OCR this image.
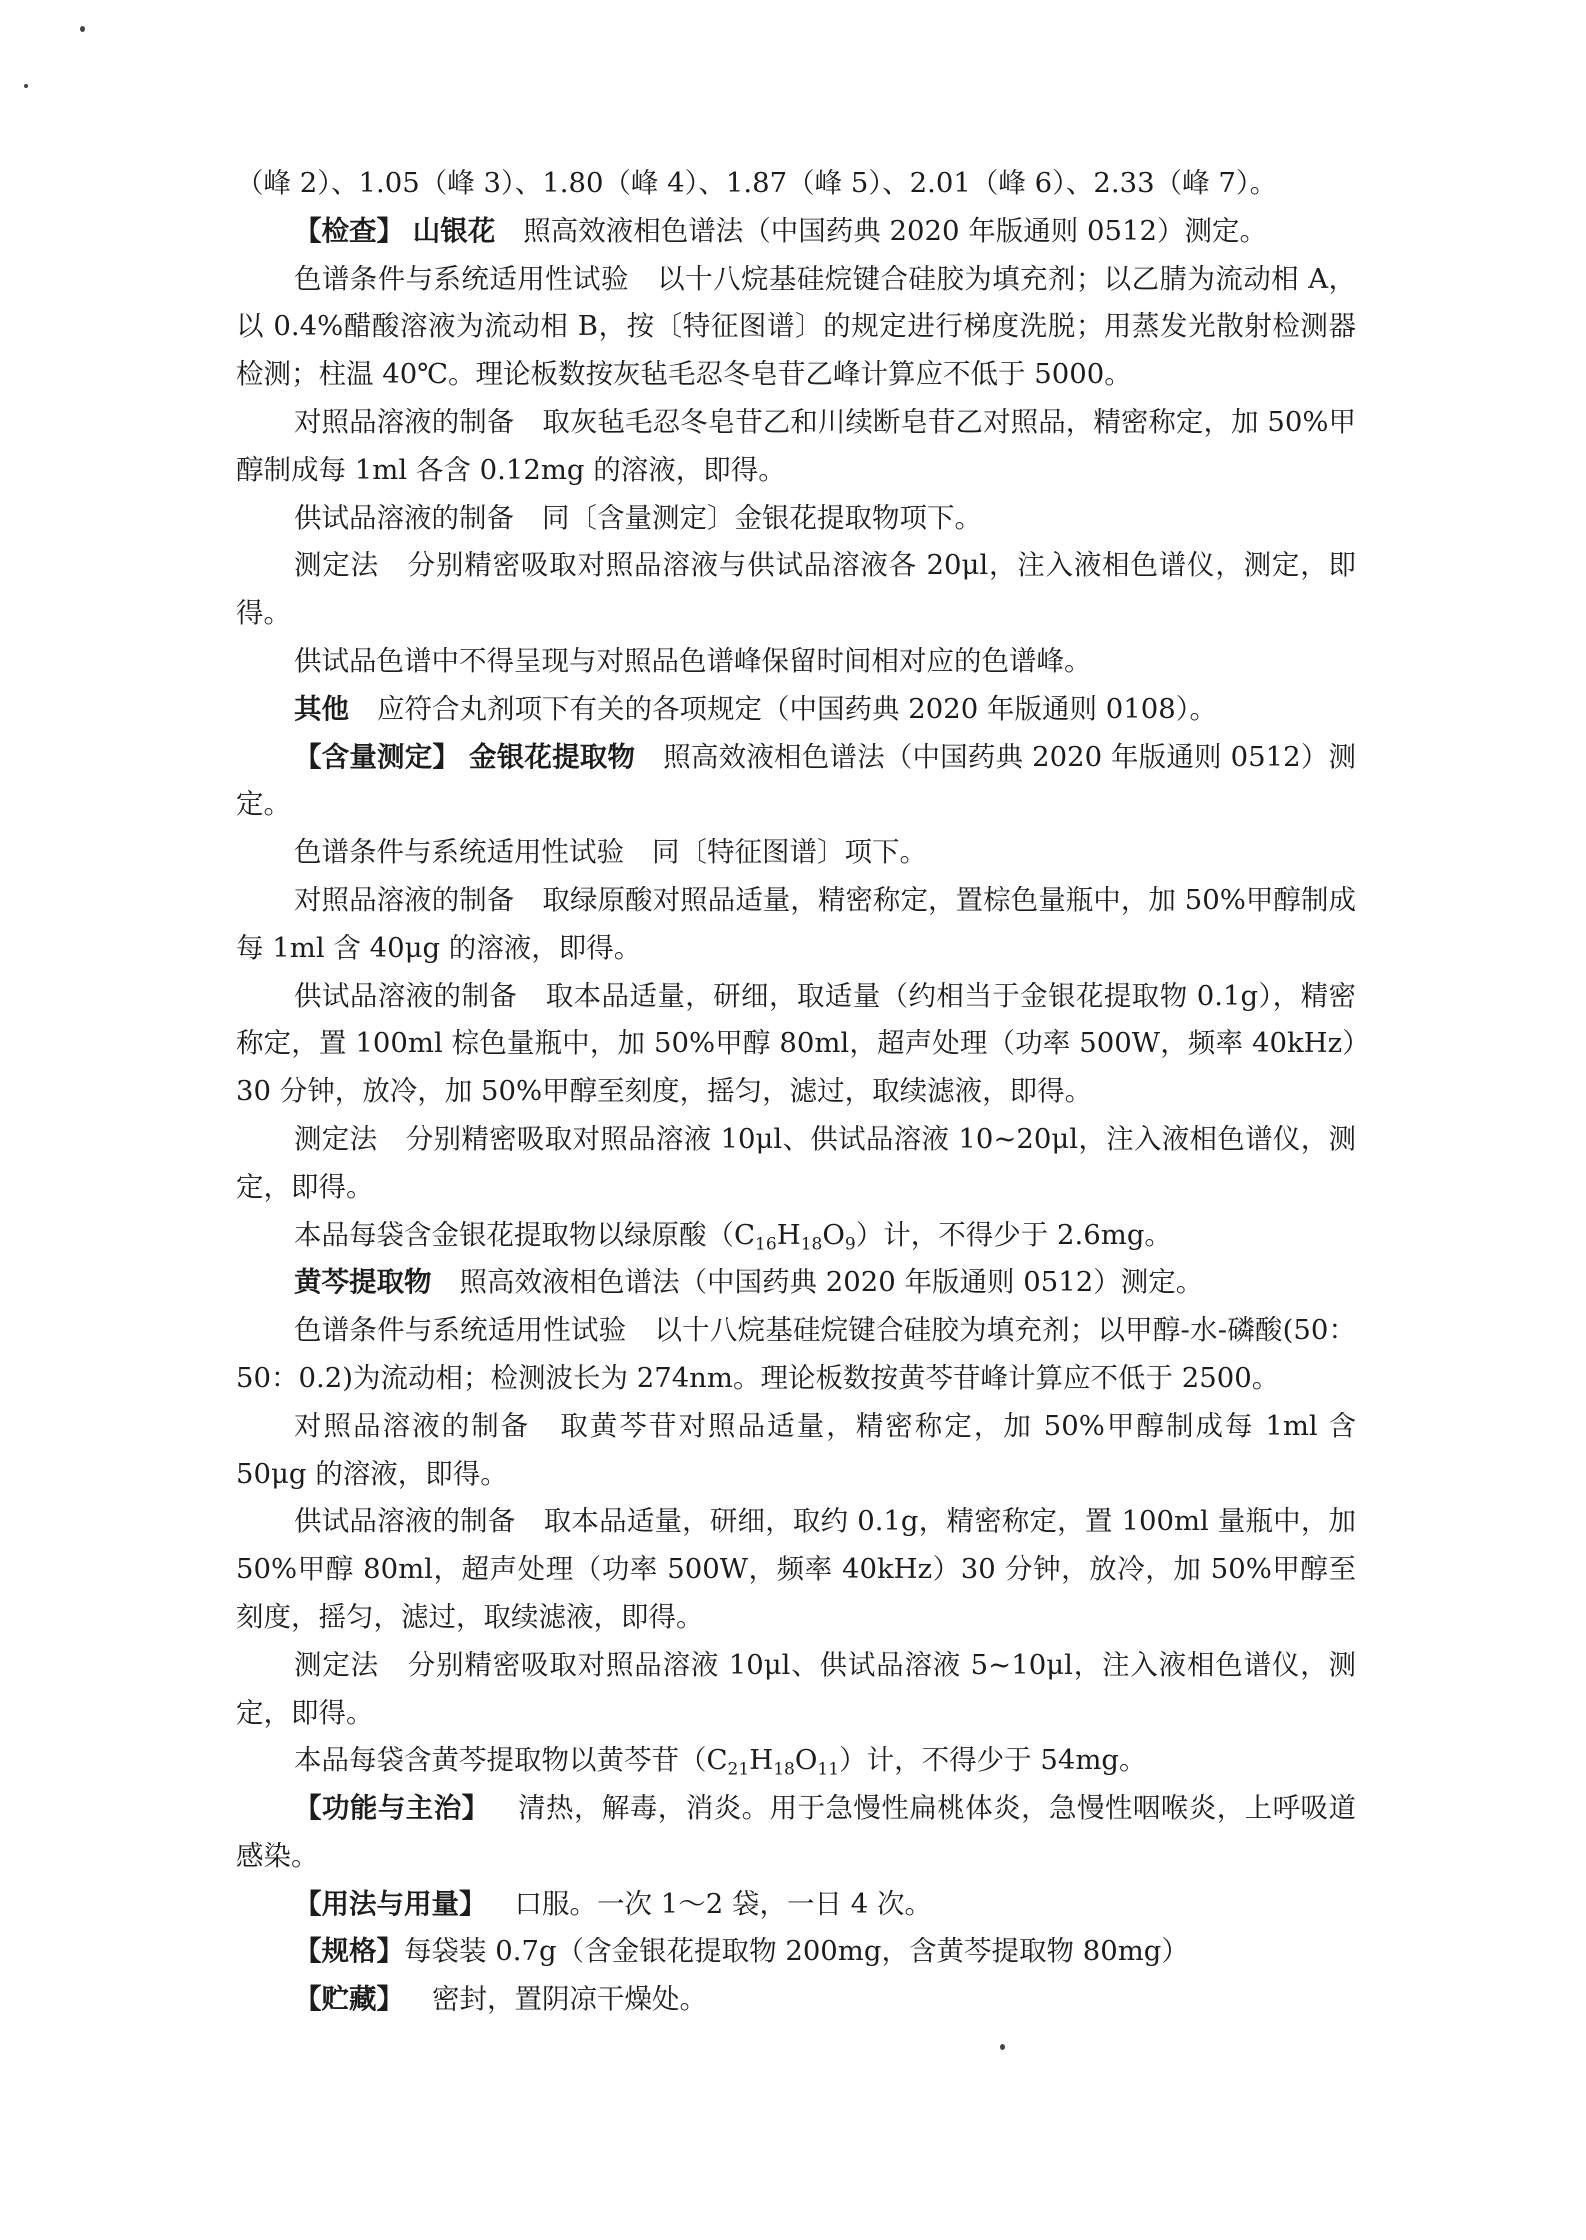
（峰 2）、1.05（峰 3）、1.80（峰 4）、1.87（峰 5）、2.01（峰 6）、2.33（峰 7）。

【检查】 山银花 照高效液相色谱法（中国药典 2020 年版通则 0512）测定。

色谱条件与系统适用性试验 以十八烷基硅烷键合硅胶为填充剂；以乙腈为流动相 A，以 0.4%醋酸溶液为流动相 B，按〔特征图谱〕的规定进行梯度洗脱；用蒸发光散射检测器检测；柱温 40℃。理论板数按灰毡毛忍冬皂苷乙峰计算应不低于 5000。

对照品溶液的制备 取灰毡毛忍冬皂苷乙和川续断皂苷乙对照品，精密称定，加 50%甲醇制成每 1ml 各含 0.12mg 的溶液，即得。

供试品溶液的制备 同〔含量测定〕金银花提取物项下。

测定法 分别精密吸取对照品溶液与供试品溶液各 20μl，注入液相色谱仪，测定，即得。

供试品色谱中不得呈现与对照品色谱峰保留时间相对应的色谱峰。

其他 应符合丸剂项下有关的各项规定（中国药典 2020 年版通则 0108）。

【含量测定】 金银花提取物 照高效液相色谱法（中国药典 2020 年版通则 0512）测定。

色谱条件与系统适用性试验 同〔特征图谱〕项下。

对照品溶液的制备 取绿原酸对照品适量，精密称定，置棕色量瓶中，加 50%甲醇制成每 1ml 含 40μg 的溶液，即得。

供试品溶液的制备 取本品适量，研细，取适量（约相当于金银花提取物 0.1g），精密称定，置 100ml 棕色量瓶中，加 50%甲醇 80ml，超声处理（功率 500W，频率 40kHz）30 分钟，放冷，加 50%甲醇至刻度，摇匀，滤过，取续滤液，即得。

测定法 分别精密吸取对照品溶液 10μl、供试品溶液 10~20μl，注入液相色谱仪，测定，即得。

本品每袋含金银花提取物以绿原酸$(C_{16}H_{18}O_9)$计，不得少于 2.6mg。

黄芩提取物 照高效液相色谱法（中国药典 2020 年版通则 0512）测定。

色谱条件与系统适用性试验 以十八烷基硅烷键合硅胶为填充剂；以甲醇-水-磷酸(50：50：0.2)为流动相；检测波长为 274nm。理论板数按黄芩苷峰计算应不低于 2500。

对照品溶液的制备 取黄芩苷对照品适量，精密称定，加 50%甲醇制成每 1ml 含 50μg 的溶液，即得。

供试品溶液的制备 取本品适量，研细，取约 0.1g，精密称定，置 100ml 量瓶中，加 50%甲醇 80ml，超声处理（功率 500W，频率 40kHz）30 分钟，放冷，加 50%甲醇至刻度，摇匀，滤过，取续滤液，即得。

测定法 分别精密吸取对照品溶液 10μl、供试品溶液 5~10μl，注入液相色谱仪，测定，即得。

本品每袋含黄芩提取物以黄芩苷$(C_{21}H_{18}O_{11})$计，不得少于 54mg。

【功能与主治】 清热，解毒，消炎。用于急慢性扁桃体炎，急慢性咽喉炎，上呼吸道感染。

【用法与用量】 口服。一次 1～2 袋，一日 4 次。

【规格】每袋装 0.7g（含金银花提取物 200mg，含黄芩提取物 80mg）

【贮藏】 密封，置阴凉干燥处。
